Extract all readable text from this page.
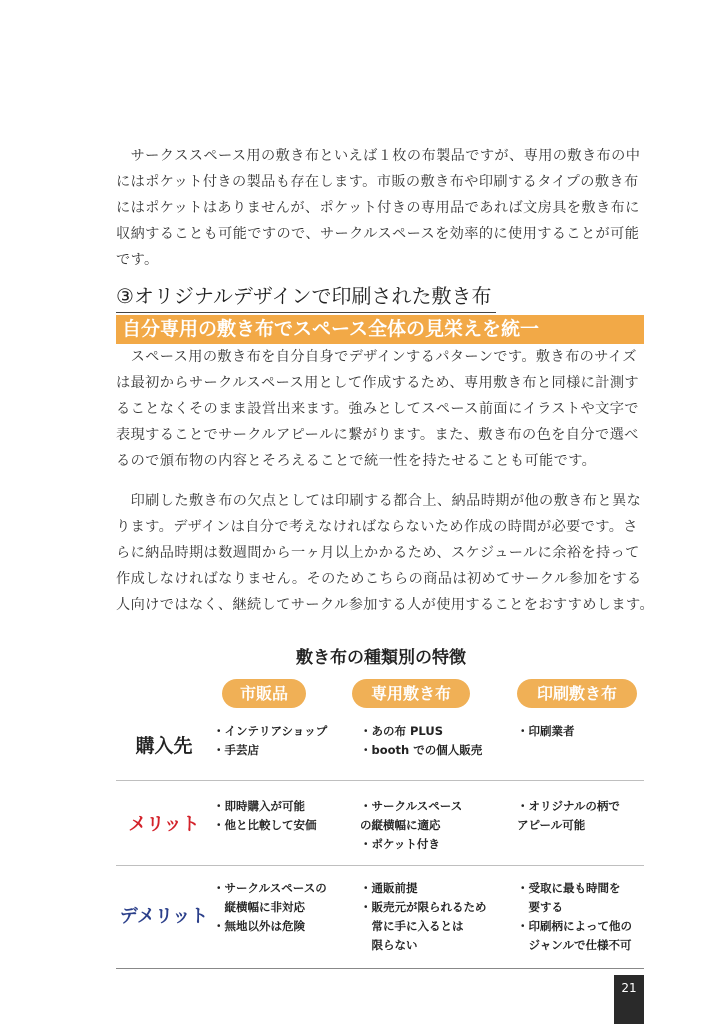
　サークススペース用の敷き布といえば１枚の布製品ですが、専用の敷き布の中
にはポケット付きの製品も存在します。市販の敷き布や印刷するタイプの敷き布
にはポケットはありませんが、ポケット付きの専用品であれば文房具を敷き布に
収納することも可能ですので、サークルスペースを効率的に使用することが可能
です。
③オリジナルデザインで印刷された敷き布
自分専用の敷き布でスペース全体の見栄えを統一
　スペース用の敷き布を自分自身でデザインするパターンです。敷き布のサイズ
は最初からサークルスペース用として作成するため、専用敷き布と同様に計測す
ることなくそのまま設営出来ます。強みとしてスペース前面にイラストや文字で
表現することでサークルアピールに繋がります。また、敷き布の色を自分で選べ
るので頒布物の内容とそろえることで統一性を持たせることも可能です。
　印刷した敷き布の欠点としては印刷する都合上、納品時期が他の敷き布と異な
ります。デザインは自分で考えなければならないため作成の時間が必要です。さ
らに納品時期は数週間から一ヶ月以上かかるため、スケジュールに余裕を持って
作成しなければなりません。そのためこちらの商品は初めてサークル参加をする
人向けではなく、継続してサークル参加する人が使用することをおすすめします。
敷き布の種類別の特徴
市販品	専用敷き布	印刷敷き布
購入先
・インテリアショップ
・手芸店
・あの布 PLUS
・booth での個人販売
・印刷業者
メリット
・即時購入が可能
・他と比較して安価
・サークルスペース
の縦横幅に適応
・ポケット付き
・オリジナルの柄で
アピール可能
デメリット
・サークルスペースの
　縦横幅に非対応
・無地以外は危険
・通販前提
・販売元が限られるため
　常に手に入るとは
　限らない
・受取に最も時間を
　要する
・印刷柄によって他の
　ジャンルで仕様不可
21
